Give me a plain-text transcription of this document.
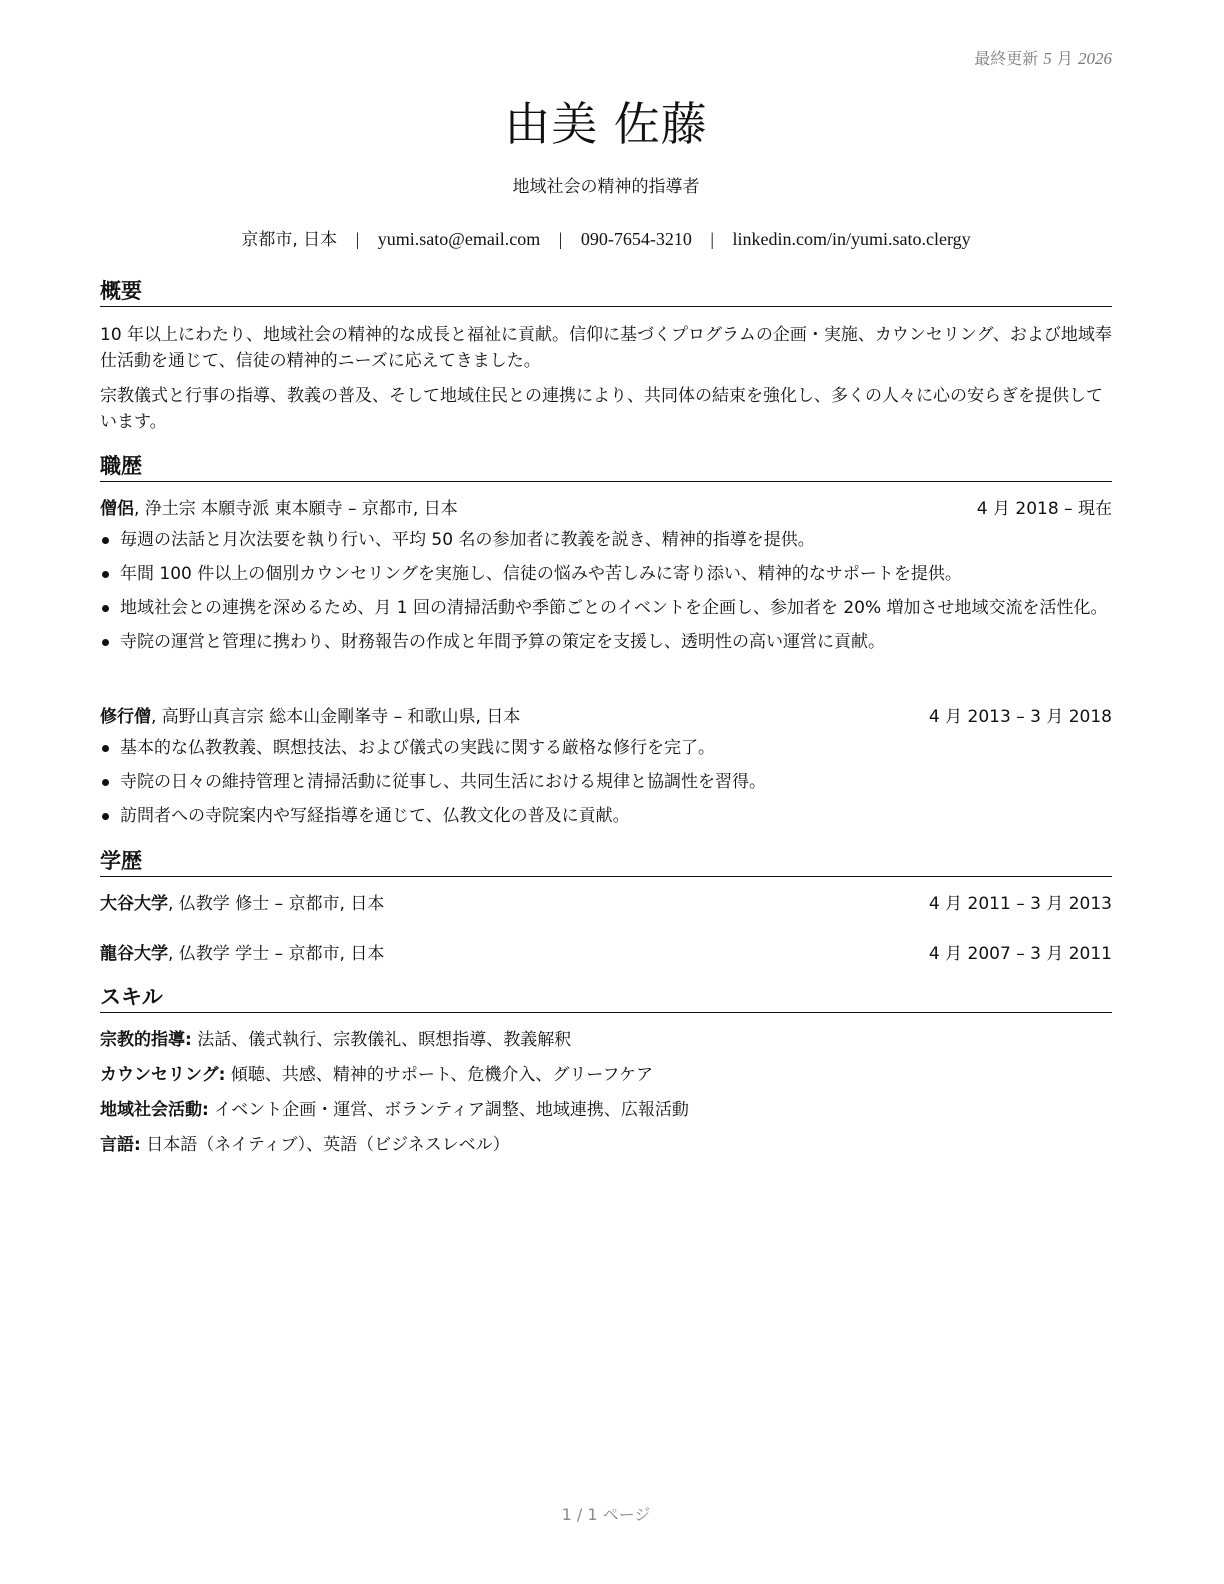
最終更新 5 月 2026
由美 佐藤
地域社会の精神的指導者
京都市, 日本 | yumi.sato@email.com | 090-7654-3210 | linkedin.com/in/yumi.sato.clergy
概要
10 年以上にわたり、地域社会の精神的な成長と福祉に貢献。信仰に基づくプログラムの企画・実施、カウンセリング、および地域奉仕活動を通じて、信徒の精神的ニーズに応えてきました。
宗教儀式と行事の指導、教義の普及、そして地域住民との連携により、共同体の結束を強化し、多くの人々に心の安らぎを提供しています。
職歴
僧侶, 浄土宗 本願寺派 東本願寺 – 京都市, 日本	4 月 2018 – 現在
毎週の法話と月次法要を執り行い、平均 50 名の参加者に教義を説き、精神的指導を提供。
年間 100 件以上の個別カウンセリングを実施し、信徒の悩みや苦しみに寄り添い、精神的なサポートを提供。
地域社会との連携を深めるため、月 1 回の清掃活動や季節ごとのイベントを企画し、参加者を 20% 増加させ地域交流を活性化。
寺院の運営と管理に携わり、財務報告の作成と年間予算の策定を支援し、透明性の高い運営に貢献。
修行僧, 高野山真言宗 総本山金剛峯寺 – 和歌山県, 日本	4 月 2013 – 3 月 2018
基本的な仏教教義、瞑想技法、および儀式の実践に関する厳格な修行を完了。
寺院の日々の維持管理と清掃活動に従事し、共同生活における規律と協調性を習得。
訪問者への寺院案内や写経指導を通じて、仏教文化の普及に貢献。
学歴
大谷大学, 仏教学 修士 – 京都市, 日本	4 月 2011 – 3 月 2013
龍谷大学, 仏教学 学士 – 京都市, 日本	4 月 2007 – 3 月 2011
スキル
宗教的指導: 法話、儀式執行、宗教儀礼、瞑想指導、教義解釈
カウンセリング: 傾聴、共感、精神的サポート、危機介入、グリーフケア
地域社会活動: イベント企画・運営、ボランティア調整、地域連携、広報活動
言語: 日本語（ネイティブ）、英語（ビジネスレベル）
1 / 1 ページ
